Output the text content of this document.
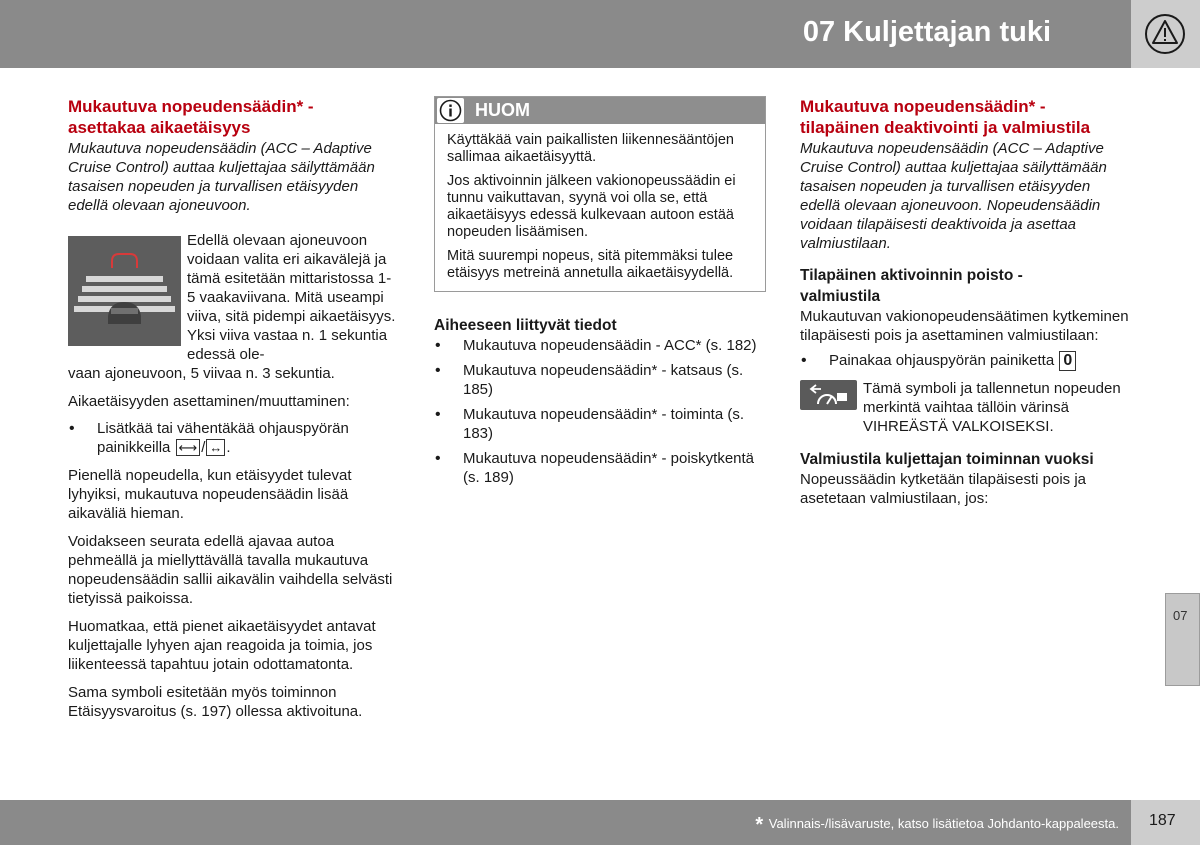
07 Kuljettajan tuki
Mukautuva nopeudensäädin* -
asettakaa aikaetäisyys

Mukautuva nopeudensäädin (ACC – Adaptive Cruise Control) auttaa kuljettajaa säilyttämään tasaisen nopeuden ja turvallisen etäisyyden edellä olevaan ajoneuvoon.

Edellä olevaan ajoneuvoon voidaan valita eri aikavälejä ja tämä esitetään mittaristossa 1-5 vaakaviivana. Mitä useampi viiva, sitä pidempi aikaetäisyys. Yksi viiva vastaa n. 1 sekuntia edessä ole-

vaan ajoneuvoon, 5 viivaa n. 3 sekuntia.

Aikaetäisyyden asettaminen/muuttaminen:

• Lisätkää tai vähentäkää ohjauspyörän painikkeilla ⟷ / ↔ .

Pienellä nopeudella, kun etäisyydet tulevat lyhyiksi, mukautuva nopeudensäädin lisää aikaväliä hieman.

Voidakseen seurata edellä ajavaa autoa pehmeällä ja miellyttävällä tavalla mukautuva nopeudensäädin sallii aikavälin vaihdella selvästi tietyissä paikoissa.

Huomatkaa, että pienet aikaetäisyydet antavat kuljettajalle lyhyen ajan reagoida ja toimia, jos liikenteessä tapahtuu jotain odottamatonta.

Sama symboli esitetään myös toiminnon Etäisyysvaroitus (s. 197) ollessa aktivoituna.

HUOM

Käyttäkää vain paikallisten liikennesääntöjen sallimaa aikaetäisyyttä.

Jos aktivoinnin jälkeen vakionopeussäädin ei tunnu vaikuttavan, syynä voi olla se, että aikaetäisyys edessä kulkevaan autoon estää nopeuden lisäämisen.

Mitä suurempi nopeus, sitä pitemmäksi tulee etäisyys metreinä annetulla aikaetäisyydellä.

Aiheeseen liittyvät tiedot
• Mukautuva nopeudensäädin - ACC* (s. 182)
• Mukautuva nopeudensäädin* - katsaus (s. 185)
• Mukautuva nopeudensäädin* - toiminta (s. 183)
• Mukautuva nopeudensäädin* - poiskytkentä (s. 189)
Mukautuva nopeudensäädin* -
tilapäinen deaktivointi ja valmiustila

Mukautuva nopeudensäädin (ACC – Adaptive Cruise Control) auttaa kuljettajaa säilyttämään tasaisen nopeuden ja turvallisen etäisyyden edellä olevaan ajoneuvoon. Nopeudensäädin voidaan tilapäisesti deaktivoida ja asettaa valmiustilaan.

Tilapäinen aktivoinnin poisto - valmiustila

Mukautuvan vakionopeudensäätimen kytkeminen tilapäisesti pois ja asettaminen valmiustilaan:

• Painakaa ohjauspyörän painiketta 0

Tämä symboli ja tallennetun nopeuden merkintä vaihtaa tällöin värinsä VIHREÄSTÄ VALKOISEKSI.

Valmiustila kuljettajan toiminnan vuoksi

Nopeussäädin kytketään tilapäisesti pois ja asetetaan valmiustilaan, jos:

07
* Valinnais-/lisävaruste, katso lisätietoa Johdanto-kappaleesta. 187
